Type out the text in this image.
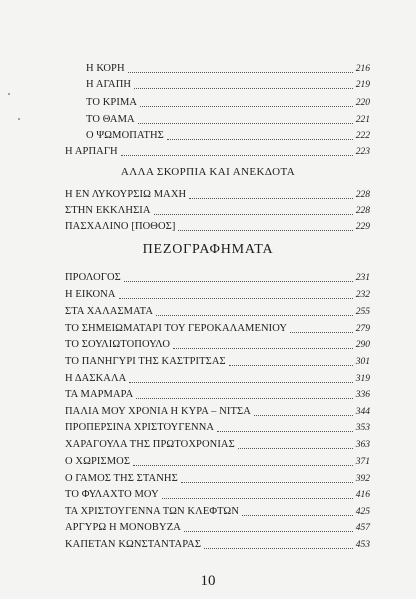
Η ΚΟΡΗ	216
Η ΑΓΑΠΗ	219
ΤΟ ΚΡΙΜΑ	220
ΤΟ ΘΑΜΑ	221
Ο ΨΩΜΟΠΑΤΗΣ	222
Η ΑΡΠΑΓΗ	223
ΑΛΛΑ ΣΚΟΡΠΙΑ ΚΑΙ ΑΝΕΚΔΟΤΑ
Η ΕΝ ΛΥΚΟΥΡΣΙΩ ΜΑΧΗ	228
ΣΤΗΝ ΕΚΚΛΗΣΙΑ	228
ΠΑΣΧΑΛΙΝΟ [ΠΟΘΟΣ]	229
ΠΕΖΟΓΡΑΦΗΜΑΤΑ
ΠΡΟΛΟΓΟΣ	231
Η ΕΙΚΟΝΑ	232
ΣΤΑ ΧΑΛΑΣΜΑΤΑ	255
ΤΟ ΣΗΜΕΙΩΜΑΤΑΡΙ ΤΟΥ ΓΕΡΟΚΑΛΑΜΕΝΙΟΥ	279
ΤΟ ΣΟΥΛΙΩΤΟΠΟΥΛΟ	290
ΤΟ ΠΑΝΗΓΥΡΙ ΤΗΣ ΚΑΣΤΡΙΤΣΑΣ	301
Η ΔΑΣΚΑΛΑ	319
ΤΑ ΜΑΡΜΑΡΑ	336
ΠΑΛΙΑ ΜΟΥ ΧΡΟΝΙΑ Η ΚΥΡΑ – ΝΙΤΣΑ	344
ΠΡΟΠΕΡΣΙΝΑ ΧΡΙΣΤΟΥΓΕΝΝΑ	353
ΧΑΡΑΓΟΥΛΑ ΤΗΣ ΠΡΩΤΟΧΡΟΝΙΑΣ	363
Ο ΧΩΡΙΣΜΟΣ	371
Ο ΓΑΜΟΣ ΤΗΣ ΣΤΑΝΗΣ	392
ΤΟ ΦΥΛΑΧΤΟ ΜΟΥ	416
ΤΑ ΧΡΙΣΤΟΥΓΕΝΝΑ ΤΩΝ ΚΛΕΦΤΩΝ	425
ΑΡΓΥΡΩ Η ΜΟΝΟΒΥΖΑ	457
ΚΑΠΕΤΑΝ ΚΩΝΣΤΑΝΤΑΡΑΣ	453
10
